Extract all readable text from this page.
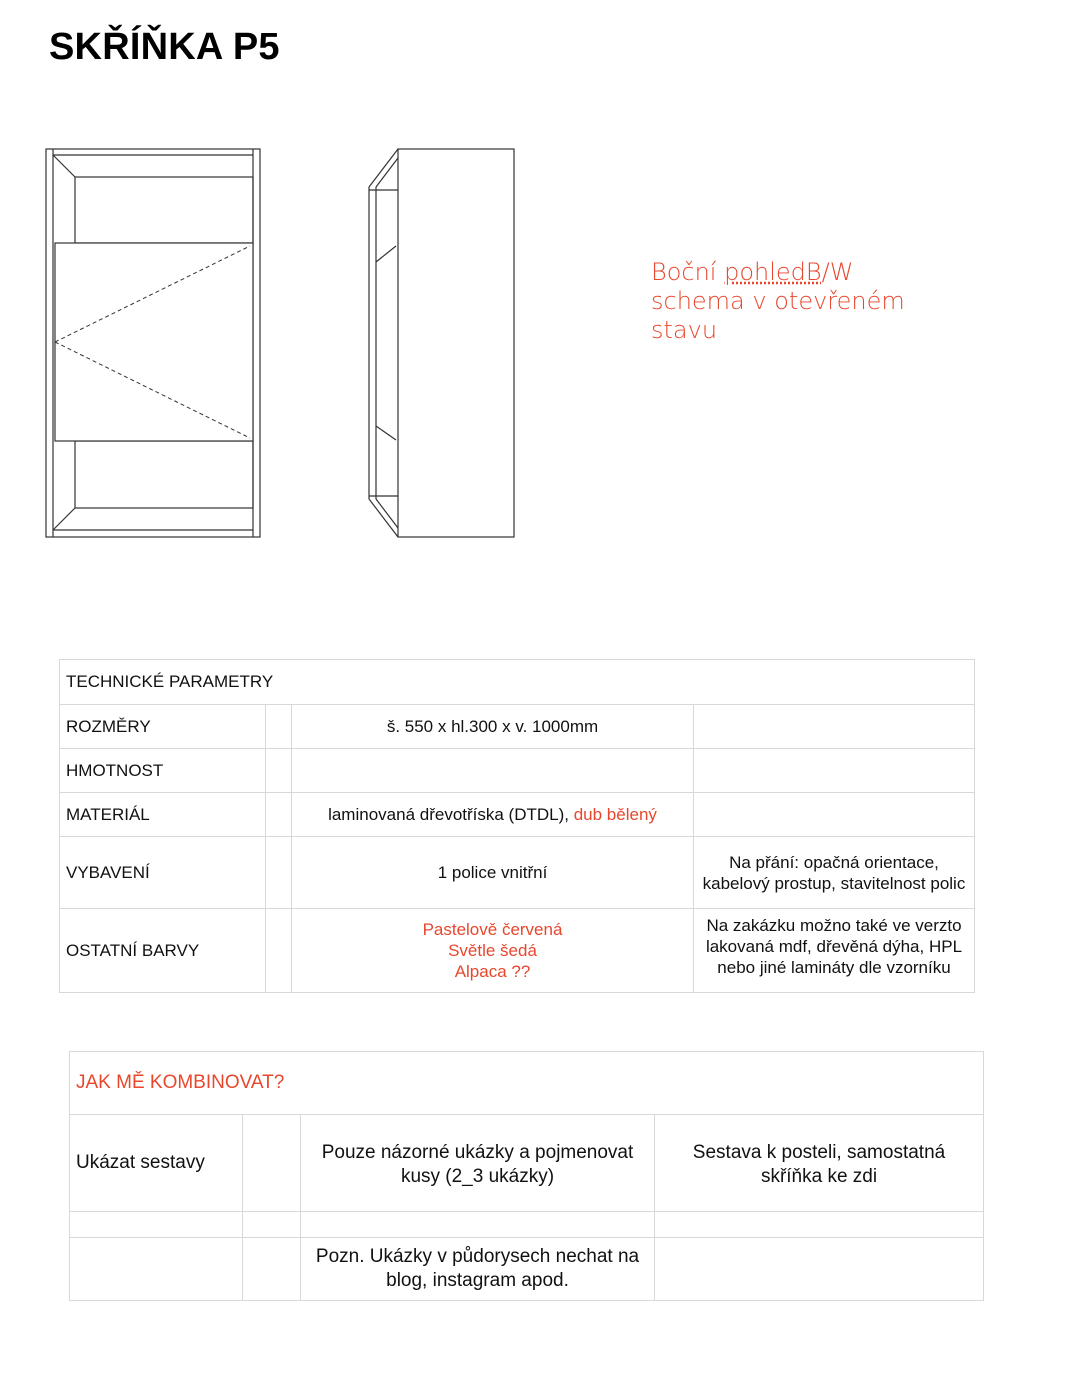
SKŘÍŇKA P5
Boční pohledB/W schema v otevřeném stavu
TECHNICKÉ PARAMETRY			
ROZMĚRY		š. 550 x hl.300 x v. 1000mm	
HMOTNOST			
MATERIÁL		laminovaná dřevotříska (DTDL), dub bělený	
VYBAVENÍ		1 police vnitřní	Na přání: opačná orientace, kabelový prostup, stavitelnost polic
OSTATNÍ BARVY		Pastelově červená
Světle šedá
Alpaca ??	Na zakázku možno také ve verzto lakovaná mdf, dřevěná dýha, HPL nebo jiné lamináty dle vzorníku
JAK MĚ KOMBINOVAT?			
Ukázat sestavy		Pouze názorné ukázky a pojmenovat kusy (2_3 ukázky)	Sestava k posteli, samostatná skříňka ke zdi

		Pozn. Ukázky v půdorysech nechat na blog, instagram apod.	
